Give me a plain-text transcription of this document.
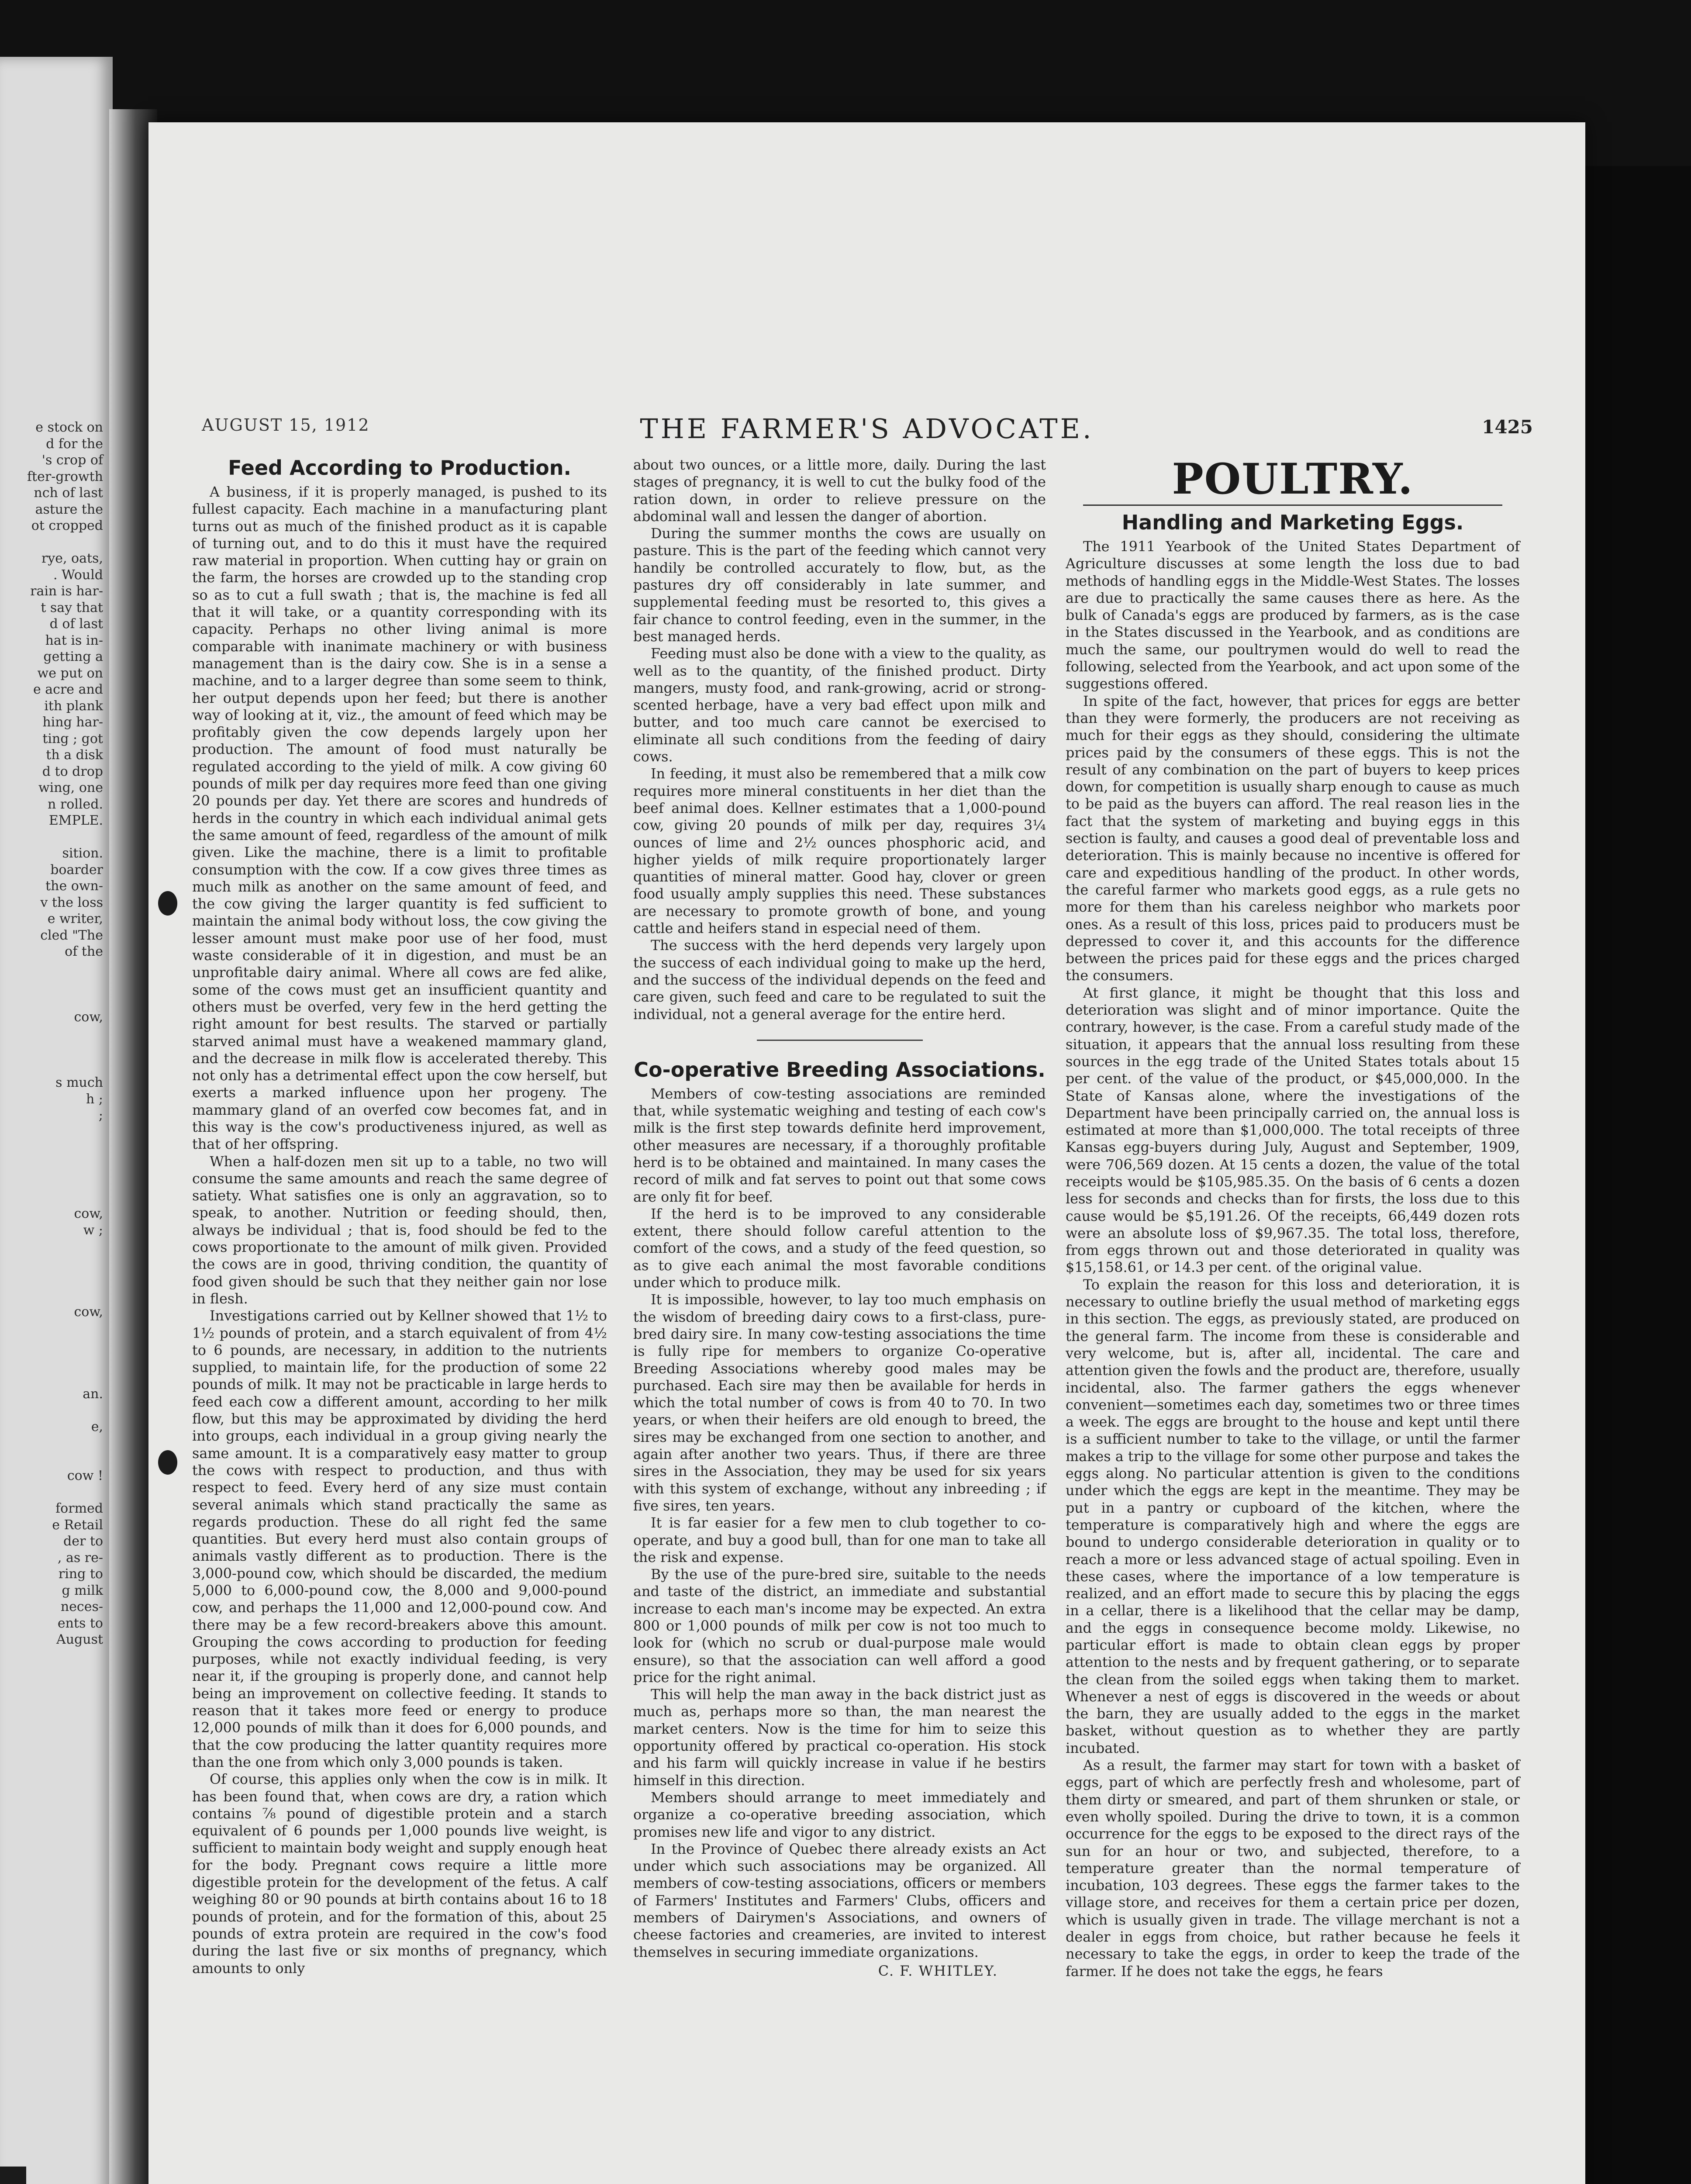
e stock on
d for the
's crop of
fter-growth
nch of last
asture the
ot cropped

rye, oats,
. Would
rain is har-
t say that
d of last
hat is in-
getting a
we put on
e acre and
ith plank
hing har-
ting ; got
th a disk
d to drop
wing, one
n rolled.
EMPLE.

sition.
boarder
the own-
v the loss
e writer,
cled "The
of the

cow,

s much
h ;
;

cow,
w ;

cow,

an.

e,

cow !

formed
e Retail
der to
, as re-
ring to
g milk
neces-
ents to
August
AUGUST 15, 1912	THE FARMER'S ADVOCATE.	1425
Feed According to Production.

A business, if it is properly managed, is pushed to its fullest capacity. Each machine in a manufacturing plant turns out as much of the finished product as it is capable of turning out, and to do this it must have the required raw material in proportion. When cutting hay or grain on the farm, the horses are crowded up to the standing crop so as to cut a full swath ; that is, the machine is fed all that it will take, or a quantity corresponding with its capacity. Perhaps no other living animal is more comparable with inanimate machinery or with business management than is the dairy cow. She is in a sense a machine, and to a larger degree than some seem to think, her output depends upon her feed; but there is another way of looking at it, viz., the amount of feed which may be profitably given the cow depends largely upon her production. The amount of food must naturally be regulated according to the yield of milk. A cow giving 60 pounds of milk per day requires more feed than one giving 20 pounds per day. Yet there are scores and hundreds of herds in the country in which each individual animal gets the same amount of feed, regardless of the amount of milk given. Like the machine, there is a limit to profitable consumption with the cow. If a cow gives three times as much milk as another on the same amount of feed, and the cow giving the larger quantity is fed sufficient to maintain the animal body without loss, the cow giving the lesser amount must make poor use of her food, must waste considerable of it in digestion, and must be an unprofitable dairy animal. Where all cows are fed alike, some of the cows must get an insufficient quantity and others must be overfed, very few in the herd getting the right amount for best results. The starved or partially starved animal must have a weakened mammary gland, and the decrease in milk flow is accelerated thereby. This not only has a detrimental effect upon the cow herself, but exerts a marked influence upon her progeny. The mammary gland of an overfed cow becomes fat, and in this way is the cow's productiveness injured, as well as that of her offspring.

When a half-dozen men sit up to a table, no two will consume the same amounts and reach the same degree of satiety. What satisfies one is only an aggravation, so to speak, to another. Nutrition or feeding should, then, always be individual ; that is, food should be fed to the cows proportionate to the amount of milk given. Provided the cows are in good, thriving condition, the quantity of food given should be such that they neither gain nor lose in flesh.

Investigations carried out by Kellner showed that 1½ to 1½ pounds of protein, and a starch equivalent of from 4½ to 6 pounds, are necessary, in addition to the nutrients supplied, to maintain life, for the production of some 22 pounds of milk. It may not be practicable in large herds to feed each cow a different amount, according to her milk flow, but this may be approximated by dividing the herd into groups, each individual in a group giving nearly the same amount. It is a comparatively easy matter to group the cows with respect to production, and thus with respect to feed. Every herd of any size must contain several animals which stand practically the same as regards production. These do all right fed the same quantities. But every herd must also contain groups of animals vastly different as to production. There is the 3,000-pound cow, which should be discarded, the medium 5,000 to 6,000-pound cow, the 8,000 and 9,000-pound cow, and perhaps the 11,000 and 12,000-pound cow. And there may be a few record-breakers above this amount. Grouping the cows according to production for feeding purposes, while not exactly individual feeding, is very near it, if the grouping is properly done, and cannot help being an improvement on collective feeding. It stands to reason that it takes more feed or energy to produce 12,000 pounds of milk than it does for 6,000 pounds, and that the cow producing the latter quantity requires more than the one from which only 3,000 pounds is taken.

Of course, this applies only when the cow is in milk. It has been found that, when cows are dry, a ration which contains ⅞ pound of digestible protein and a starch equivalent of 6 pounds per 1,000 pounds live weight, is sufficient to maintain body weight and supply enough heat for the body. Pregnant cows require a little more digestible protein for the development of the fetus. A calf weighing 80 or 90 pounds at birth contains about 16 to 18 pounds of protein, and for the formation of this, about 25 pounds of extra protein are required in the cow's food during the last five or six months of pregnancy, which amounts to only

about two ounces, or a little more, daily. During the last stages of pregnancy, it is well to cut the bulky food of the ration down, in order to relieve pressure on the abdominal wall and lessen the danger of abortion.

During the summer months the cows are usually on pasture. This is the part of the feeding which cannot very handily be controlled accurately to flow, but, as the pastures dry off considerably in late summer, and supplemental feeding must be resorted to, this gives a fair chance to control feeding, even in the summer, in the best managed herds.

Feeding must also be done with a view to the quality, as well as to the quantity, of the finished product. Dirty mangers, musty food, and rank-growing, acrid or strong-scented herbage, have a very bad effect upon milk and butter, and too much care cannot be exercised to eliminate all such conditions from the feeding of dairy cows.

In feeding, it must also be remembered that a milk cow requires more mineral constituents in her diet than the beef animal does. Kellner estimates that a 1,000-pound cow, giving 20 pounds of milk per day, requires 3¼ ounces of lime and 2½ ounces phosphoric acid, and higher yields of milk require proportionately larger quantities of mineral matter. Good hay, clover or green food usually amply supplies this need. These substances are necessary to promote growth of bone, and young cattle and heifers stand in especial need of them.

The success with the herd depends very largely upon the success of each individual going to make up the herd, and the success of the individual depends on the feed and care given, such feed and care to be regulated to suit the individual, not a general average for the entire herd.

Co-operative Breeding Associations.

Members of cow-testing associations are reminded that, while systematic weighing and testing of each cow's milk is the first step towards definite herd improvement, other measures are necessary, if a thoroughly profitable herd is to be obtained and maintained. In many cases the record of milk and fat serves to point out that some cows are only fit for beef.

If the herd is to be improved to any considerable extent, there should follow careful attention to the comfort of the cows, and a study of the feed question, so as to give each animal the most favorable conditions under which to produce milk.

It is impossible, however, to lay too much emphasis on the wisdom of breeding dairy cows to a first-class, pure-bred dairy sire. In many cow-testing associations the time is fully ripe for members to organize Co-operative Breeding Associations whereby good males may be purchased. Each sire may then be available for herds in which the total number of cows is from 40 to 70. In two years, or when their heifers are old enough to breed, the sires may be exchanged from one section to another, and again after another two years. Thus, if there are three sires in the Association, they may be used for six years with this system of exchange, without any inbreeding ; if five sires, ten years.

It is far easier for a few men to club together to co-operate, and buy a good bull, than for one man to take all the risk and expense.

By the use of the pure-bred sire, suitable to the needs and taste of the district, an immediate and substantial increase to each man's income may be expected. An extra 800 or 1,000 pounds of milk per cow is not too much to look for (which no scrub or dual-purpose male would ensure), so that the association can well afford a good price for the right animal.

This will help the man away in the back district just as much as, perhaps more so than, the man nearest the market centers. Now is the time for him to seize this opportunity offered by practical co-operation. His stock and his farm will quickly increase in value if he bestirs himself in this direction.

Members should arrange to meet immediately and organize a co-operative breeding association, which promises new life and vigor to any district.

In the Province of Quebec there already exists an Act under which such associations may be organized. All members of cow-testing associations, officers or members of Farmers' Institutes and Farmers' Clubs, officers and members of Dairymen's Associations, and owners of cheese factories and creameries, are invited to interest themselves in securing immediate organizations.

C. F. WHITLEY.
POULTRY.
Handling and Marketing Eggs.

The 1911 Yearbook of the United States Department of Agriculture discusses at some length the loss due to bad methods of handling eggs in the Middle-West States. The losses are due to practically the same causes there as here. As the bulk of Canada's eggs are produced by farmers, as is the case in the States discussed in the Yearbook, and as conditions are much the same, our poultrymen would do well to read the following, selected from the Yearbook, and act upon some of the suggestions offered.

In spite of the fact, however, that prices for eggs are better than they were formerly, the producers are not receiving as much for their eggs as they should, considering the ultimate prices paid by the consumers of these eggs. This is not the result of any combination on the part of buyers to keep prices down, for competition is usually sharp enough to cause as much to be paid as the buyers can afford. The real reason lies in the fact that the system of marketing and buying eggs in this section is faulty, and causes a good deal of preventable loss and deterioration. This is mainly because no incentive is offered for care and expeditious handling of the product. In other words, the careful farmer who markets good eggs, as a rule gets no more for them than his careless neighbor who markets poor ones. As a result of this loss, prices paid to producers must be depressed to cover it, and this accounts for the difference between the prices paid for these eggs and the prices charged the consumers.

At first glance, it might be thought that this loss and deterioration was slight and of minor importance. Quite the contrary, however, is the case. From a careful study made of the situation, it appears that the annual loss resulting from these sources in the egg trade of the United States totals about 15 per cent. of the value of the product, or $45,000,000. In the State of Kansas alone, where the investigations of the Department have been principally carried on, the annual loss is estimated at more than $1,000,000. The total receipts of three Kansas egg-buyers during July, August and September, 1909, were 706,569 dozen. At 15 cents a dozen, the value of the total receipts would be $105,985.35. On the basis of 6 cents a dozen less for seconds and checks than for firsts, the loss due to this cause would be $5,191.26. Of the receipts, 66,449 dozen rots were an absolute loss of $9,967.35. The total loss, therefore, from eggs thrown out and those deteriorated in quality was $15,158.61, or 14.3 per cent. of the original value.

To explain the reason for this loss and deterioration, it is necessary to outline briefly the usual method of marketing eggs in this section. The eggs, as previously stated, are produced on the general farm. The income from these is considerable and very welcome, but is, after all, incidental. The care and attention given the fowls and the product are, therefore, usually incidental, also. The farmer gathers the eggs whenever convenient—sometimes each day, sometimes two or three times a week. The eggs are brought to the house and kept until there is a sufficient number to take to the village, or until the farmer makes a trip to the village for some other purpose and takes the eggs along. No particular attention is given to the conditions under which the eggs are kept in the meantime. They may be put in a pantry or cupboard of the kitchen, where the temperature is comparatively high and where the eggs are bound to undergo considerable deterioration in quality or to reach a more or less advanced stage of actual spoiling. Even in these cases, where the importance of a low temperature is realized, and an effort made to secure this by placing the eggs in a cellar, there is a likelihood that the cellar may be damp, and the eggs in consequence become moldy. Likewise, no particular effort is made to obtain clean eggs by proper attention to the nests and by frequent gathering, or to separate the clean from the soiled eggs when taking them to market. Whenever a nest of eggs is discovered in the weeds or about the barn, they are usually added to the eggs in the market basket, without question as to whether they are partly incubated.

As a result, the farmer may start for town with a basket of eggs, part of which are perfectly fresh and wholesome, part of them dirty or smeared, and part of them shrunken or stale, or even wholly spoiled. During the drive to town, it is a common occurrence for the eggs to be exposed to the direct rays of the sun for an hour or two, and subjected, therefore, to a temperature greater than the normal temperature of incubation, 103 degrees. These eggs the farmer takes to the village store, and receives for them a certain price per dozen, which is usually given in trade. The village merchant is not a dealer in eggs from choice, but rather because he feels it necessary to take the eggs, in order to keep the trade of the farmer. If he does not take the eggs, he fears
